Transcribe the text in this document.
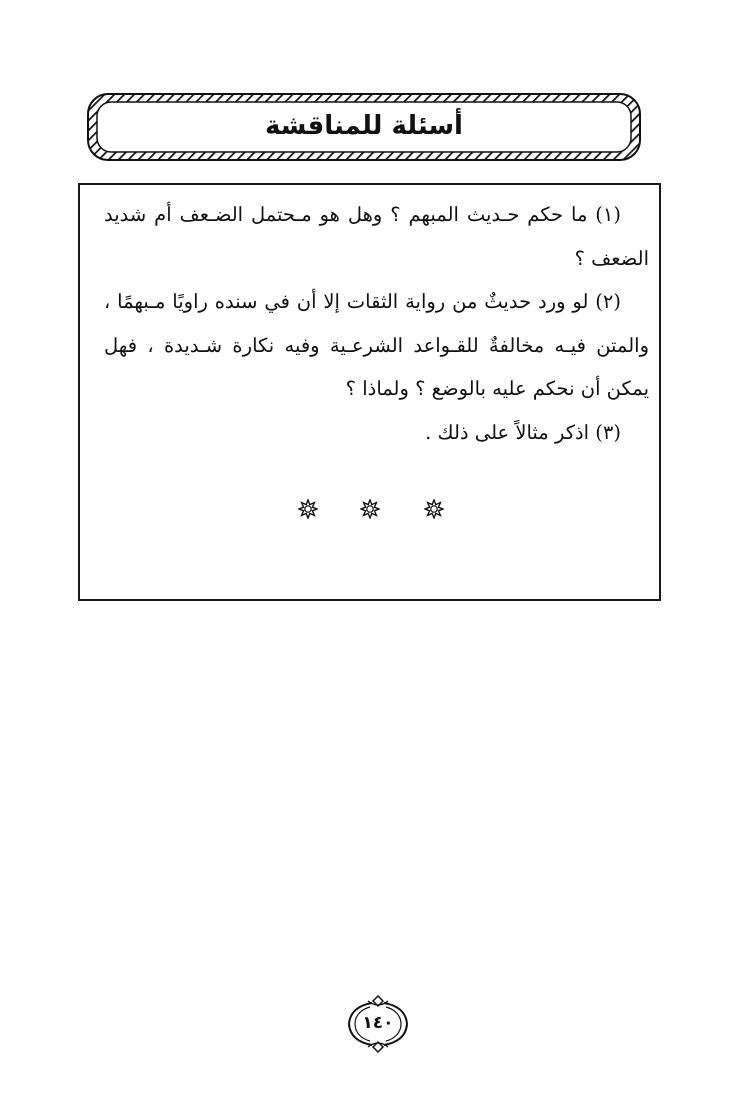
أسئلة للمناقشة

(١) ما حكم حـديث المبهم ؟ وهل هو مـحتمل الضـعف أم شديد الضعف ؟

(٢) لو ورد حديثٌ من رواية الثقات إلا أن في سنده راويًا مـبهمًا ، والمتن فيـه مخالفةٌ للقـواعد الشرعـية وفيه نكارة شـديدة ، فهل يمكن أن نحكم عليه بالوضع ؟ ولماذا ؟

(٣) اذكر مثالاً على ذلك .

١٤٠
